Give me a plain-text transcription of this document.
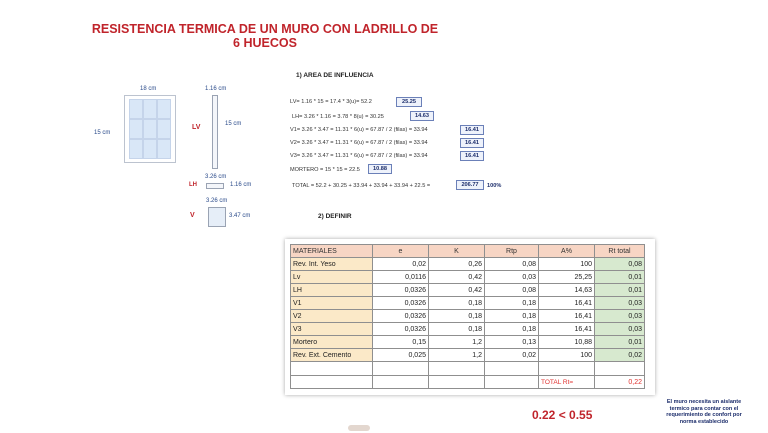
RESISTENCIA TERMICA DE UN MURO CON LADRILLO DE
6 HUECOS
18 cm
15 cm
1.16 cm
LV	15 cm
3.26 cm
LH	1.16 cm
3.26 cm
V	3.47 cm
1) AREA DE INFLUENCIA
LV= 1.16 * 15 = 17.4 * 3(u)= 52.2	25.25
LH= 3.26 * 1.16 = 3.78 * 8(u) = 30.25	14.63
V1= 3.26 * 3.47 = 11.31 * 6(u) = 67.87 / 2 (filas) = 33.94	16.41
V2= 3.26 * 3.47 = 11.31 * 6(u) = 67.87 / 2 (filas) = 33.94	16.41
V3= 3.26 * 3.47 = 11.31 * 6(u) = 67.87 / 2 (filas) = 33.94	16.41
MORTERO = 15 * 15 = 22.5	10.88
TOTAL = 52.2 + 30.25 + 33.94 + 33.94 + 33.94 + 22.5 =	206.77	100%
2) DEFINIR
MATERIALES	e	K	Rtp	A%	Rt total
Rev. Int. Yeso	0,02	0,26	0,08	100	0,08
Lv	0,0116	0,42	0,03	25,25	0,01
LH	0,0326	0,42	0,08	14,63	0,01
V1	0,0326	0,18	0,18	16,41	0,03
V2	0,0326	0,18	0,18	16,41	0,03
V3	0,0326	0,18	0,18	16,41	0,03
Mortero	0,15	1,2	0,13	10,88	0,01
Rev. Ext. Cemento	0,025	1,2	0,02	100	0,02

				TOTAL Rt=	0,22
0.22 < 0.55
El muro necesita un aislante termico para contar con el requerimiento de confort por norma establecido
